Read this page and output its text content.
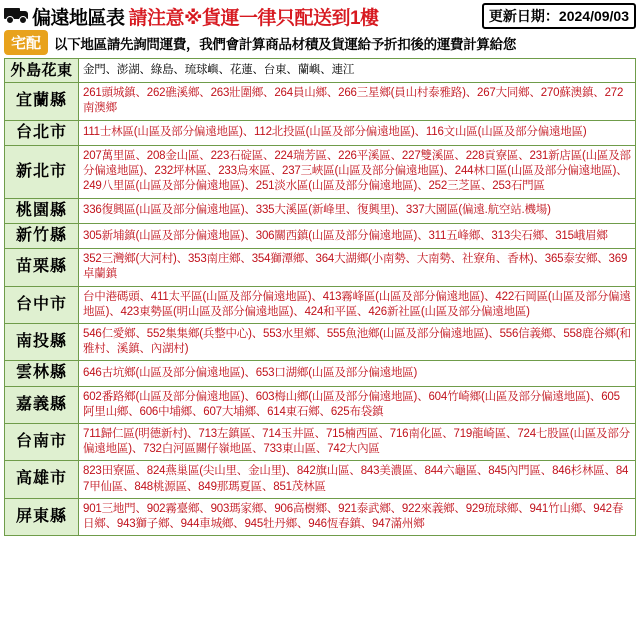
偏遠地區表 請注意※貨運一律只配送到1樓	更新日期：2024/09/03
宅配 以下地區請先詢問運費，我們會計算商品材積及貨運給予折扣後的運費計算給您
外島花東	金門、澎湖、綠島、琉球嶼、花蓮、台東、蘭嶼、連江
宜蘭縣	261頭城鎮、262礁溪鄉、263壯圍鄉、264員山鄉、266三星鄉(員山村泰雅路)、267大同鄉、270蘇澳鎮、272南澳鄉
台北市	111士林區(山區及部分偏遠地區)、112北投區(山區及部分偏遠地區)、116文山區(山區及部分偏遠地區)
新北市	207萬里區、208金山區、223石碇區、224瑞芳區、226平溪區、227雙溪區、228貢寮區、231新店區(山區及部分偏遠地區)、232坪林區、233烏來區、237三峽區(山區及部分偏遠地區)、244林口區(山區及部分偏遠地區)、249八里區(山區及部分偏遠地區)、251淡水區(山區及部分偏遠地區)、252三芝區、253石門區
桃園縣	336復興區(山區及部分偏遠地區)、335大溪區(新峰里、復興里)、337大園區(偏遠.航空站.機場)
新竹縣	305新埔鎮(山區及部分偏遠地區)、306關西鎮(山區及部分偏遠地區)、311五峰鄉、313尖石鄉、315峨眉鄉
苗栗縣	352三灣鄉(大河村)、353南庄鄉、354獅潭鄉、364大湖鄉(小南勢、大南勢、社寮角、香林)、365泰安鄉、369卓蘭鎮
台中市	台中港碼頭、411太平區(山區及部分偏遠地區)、413霧峰區(山區及部分偏遠地區)、422石岡區(山區及部分偏遠地區)、423東勢區(明山區及部分偏遠地區)、424和平區、426新社區(山區及部分偏遠地區)
南投縣	546仁愛鄉、552集集鄉(兵整中心)、553水里鄉、555魚池鄉(山區及部分偏遠地區)、556信義鄉、558鹿谷鄉(和雅村、溪鎮、內湖村)
雲林縣	646古坑鄉(山區及部分偏遠地區)、653口湖鄉(山區及部分偏遠地區)
嘉義縣	602番路鄉(山區及部分偏遠地區)、603梅山鄉(山區及部分偏遠地區)、604竹崎鄉(山區及部分偏遠地區)、605阿里山鄉、606中埔鄉、607大埔鄉、614東石鄉、625布袋鎮
台南市	711歸仁區(明德新村)、713左鎮區、714玉井區、715楠西區、716南化區、719龍崎區、724七股區(山區及部分偏遠地區)、732白河區關仔嶺地區、733東山區、742大內區
高雄市	823田寮區、824燕巢區(尖山里、金山里)、842旗山區、843美濃區、844六龜區、845內門區、846杉林區、847甲仙區、848桃源區、849那瑪夏區、851茂林區
屏東縣	901三地門、902霧臺鄉、903瑪家鄉、906高樹鄉、921泰武鄉、922來義鄉、929琉球鄉、941竹山鄉、942春日鄉、943獅子鄉、944車城鄉、945牡丹鄉、946恆春鎮、947滿州鄉
